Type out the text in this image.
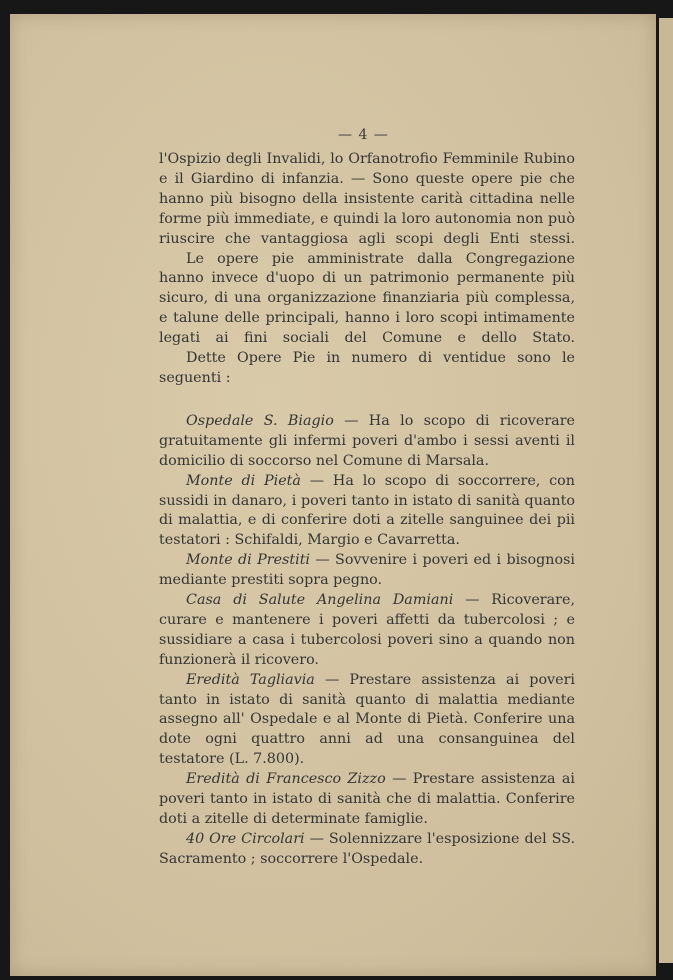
— 4 —

l'Ospizio degli Invalidi, lo Orfanotrofio Femminile Rubino e il Giardino di infanzia. — Sono queste opere pie che hanno più bisogno della insistente carità cittadina nelle forme più immediate, e quindi la loro autonomia non può riuscire che vantaggiosa agli scopi degli Enti stessi.

Le opere pie amministrate dalla Congregazione hanno invece d'uopo di un patrimonio permanente più sicuro, di una organizzazione finanziaria più complessa, e talune delle principali, hanno i loro scopi intimamente legati ai fini sociali del Comune e dello Stato.

Dette Opere Pie in numero di ventidue sono le seguenti :

Ospedale S. Biagio — Ha lo scopo di ricoverare gratuitamente gli infermi poveri d'ambo i sessi aventi il domicilio di soccorso nel Comune di Marsala.

Monte di Pietà — Ha lo scopo di soccorrere, con sussidi in danaro, i poveri tanto in istato di sanità quanto di malattia, e di conferire doti a zitelle sanguinee dei pii testatori : Schifaldi, Margio e Cavarretta.

Monte di Prestiti — Sovvenire i poveri ed i bisognosi mediante prestiti sopra pegno.

Casa di Salute Angelina Damiani — Ricoverare, curare e mantenere i poveri affetti da tubercolosi ; e sussidiare a casa i tubercolosi poveri sino a quando non funzionerà il ricovero.

Eredità Tagliavia — Prestare assistenza ai poveri tanto in istato di sanità quanto di malattia mediante assegno all' Ospedale e al Monte di Pietà. Conferire una dote ogni quattro anni ad una consanguinea del testatore (L. 7.800).

Eredità di Francesco Zizzo — Prestare assistenza ai poveri tanto in istato di sanità che di malattia. Conferire doti a zitelle di determinate famiglie.

40 Ore Circolari — Solennizzare l'esposizione del SS. Sacramento ; soccorrere l'Ospedale.
